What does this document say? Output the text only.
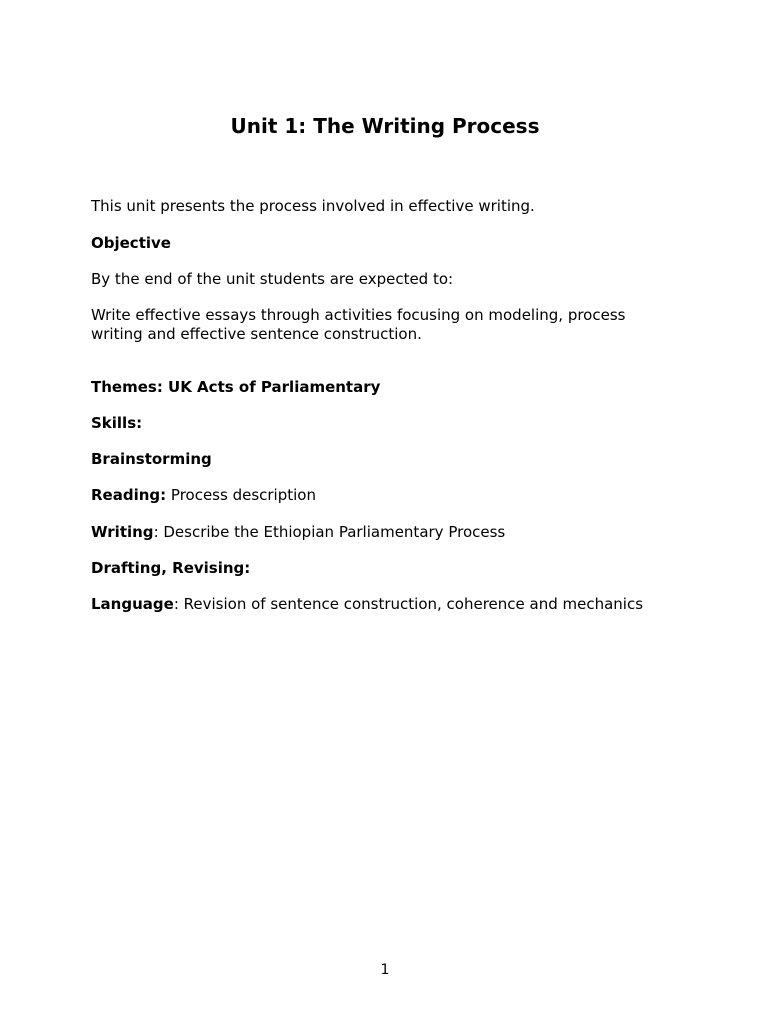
Unit 1: The Writing Process

This unit presents the process involved in effective writing.

Objective

By the end of the unit students are expected to:

Write effective essays through activities focusing on modeling, process writing and effective sentence construction.

Themes: UK Acts of Parliamentary

Skills:

Brainstorming

Reading: Process description

Writing: Describe the Ethiopian Parliamentary Process

Drafting, Revising:

Language: Revision of sentence construction, coherence and mechanics

1
